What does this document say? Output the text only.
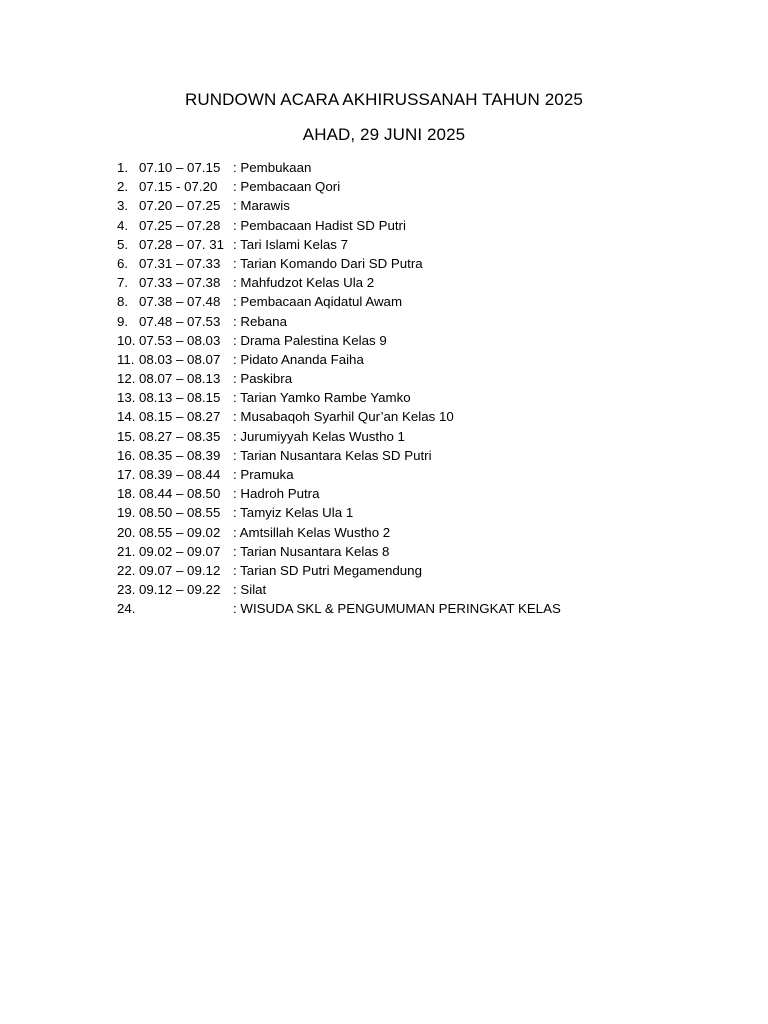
RUNDOWN ACARA AKHIRUSSANAH TAHUN 2025
AHAD, 29 JUNI 2025
1. 07.10 – 07.15 : Pembukaan
2. 07.15 - 07.20 : Pembacaan Qori
3. 07.20 – 07.25 : Marawis
4. 07.25 – 07.28 : Pembacaan Hadist SD Putri
5. 07.28 – 07. 31 : Tari Islami Kelas 7
6. 07.31 – 07.33 : Tarian Komando Dari SD Putra
7. 07.33 – 07.38 : Mahfudzot Kelas Ula 2
8. 07.38 – 07.48 : Pembacaan Aqidatul Awam
9. 07.48 – 07.53 : Rebana
10. 07.53 – 08.03 : Drama Palestina Kelas 9
11. 08.03 – 08.07 : Pidato Ananda Faiha
12. 08.07 – 08.13 : Paskibra
13. 08.13 – 08.15 : Tarian Yamko Rambe Yamko
14. 08.15 – 08.27 : Musabaqoh Syarhil Qur’an Kelas 10
15. 08.27 – 08.35 : Jurumiyyah Kelas Wustho 1
16. 08.35 – 08.39 : Tarian Nusantara Kelas SD Putri
17. 08.39 – 08.44 : Pramuka
18. 08.44 – 08.50 : Hadroh Putra
19. 08.50 – 08.55 : Tamyiz Kelas Ula 1
20. 08.55 – 09.02 : Amtsillah Kelas Wustho 2
21. 09.02 – 09.07 : Tarian Nusantara Kelas 8
22. 09.07 – 09.12 : Tarian SD Putri Megamendung
23. 09.12 – 09.22 : Silat
24.	: WISUDA SKL & PENGUMUMAN PERINGKAT KELAS
